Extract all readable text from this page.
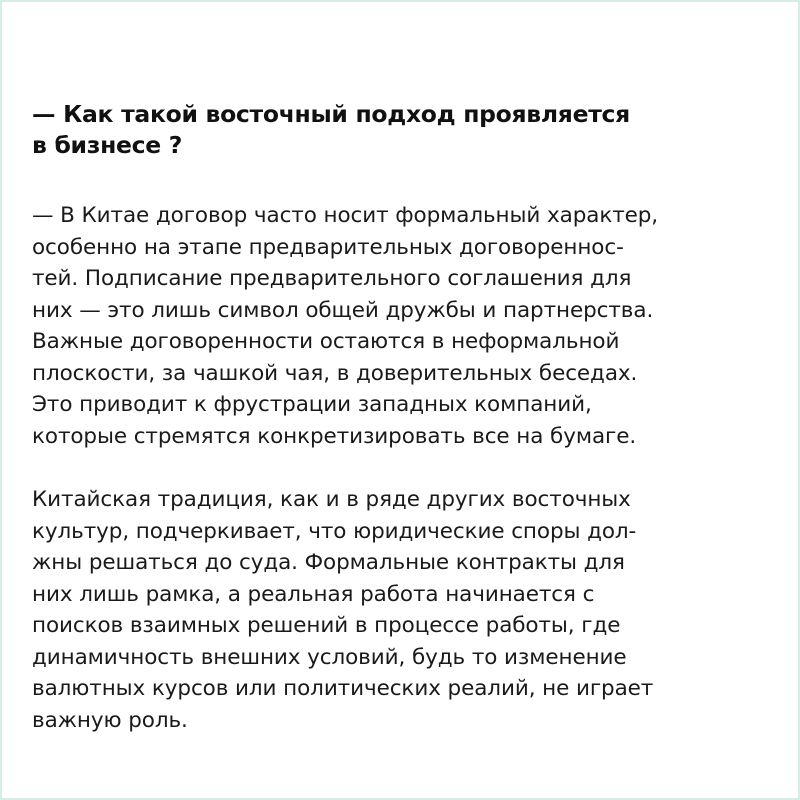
— Как такой восточный подход проявляется
в бизнесе ?

— В Китае договор часто носит формальный характер,
особенно на этапе предварительных договореннос-
тей. Подписание предварительного соглашения для
них — это лишь символ общей дружбы и партнерства.
Важные договоренности остаются в неформальной
плоскости, за чашкой чая, в доверительных беседах.
Это приводит к фрустрации западных компаний,
которые стремятся конкретизировать все на бумаге.

Китайская традиция, как и в ряде других восточных
культур, подчеркивает, что юридические споры дол-
жны решаться до суда. Формальные контракты для
них лишь рамка, а реальная работа начинается с
поисков взаимных решений в процессе работы, где
динамичность внешних условий, будь то изменение
валютных курсов или политических реалий, не играет
важную роль.
